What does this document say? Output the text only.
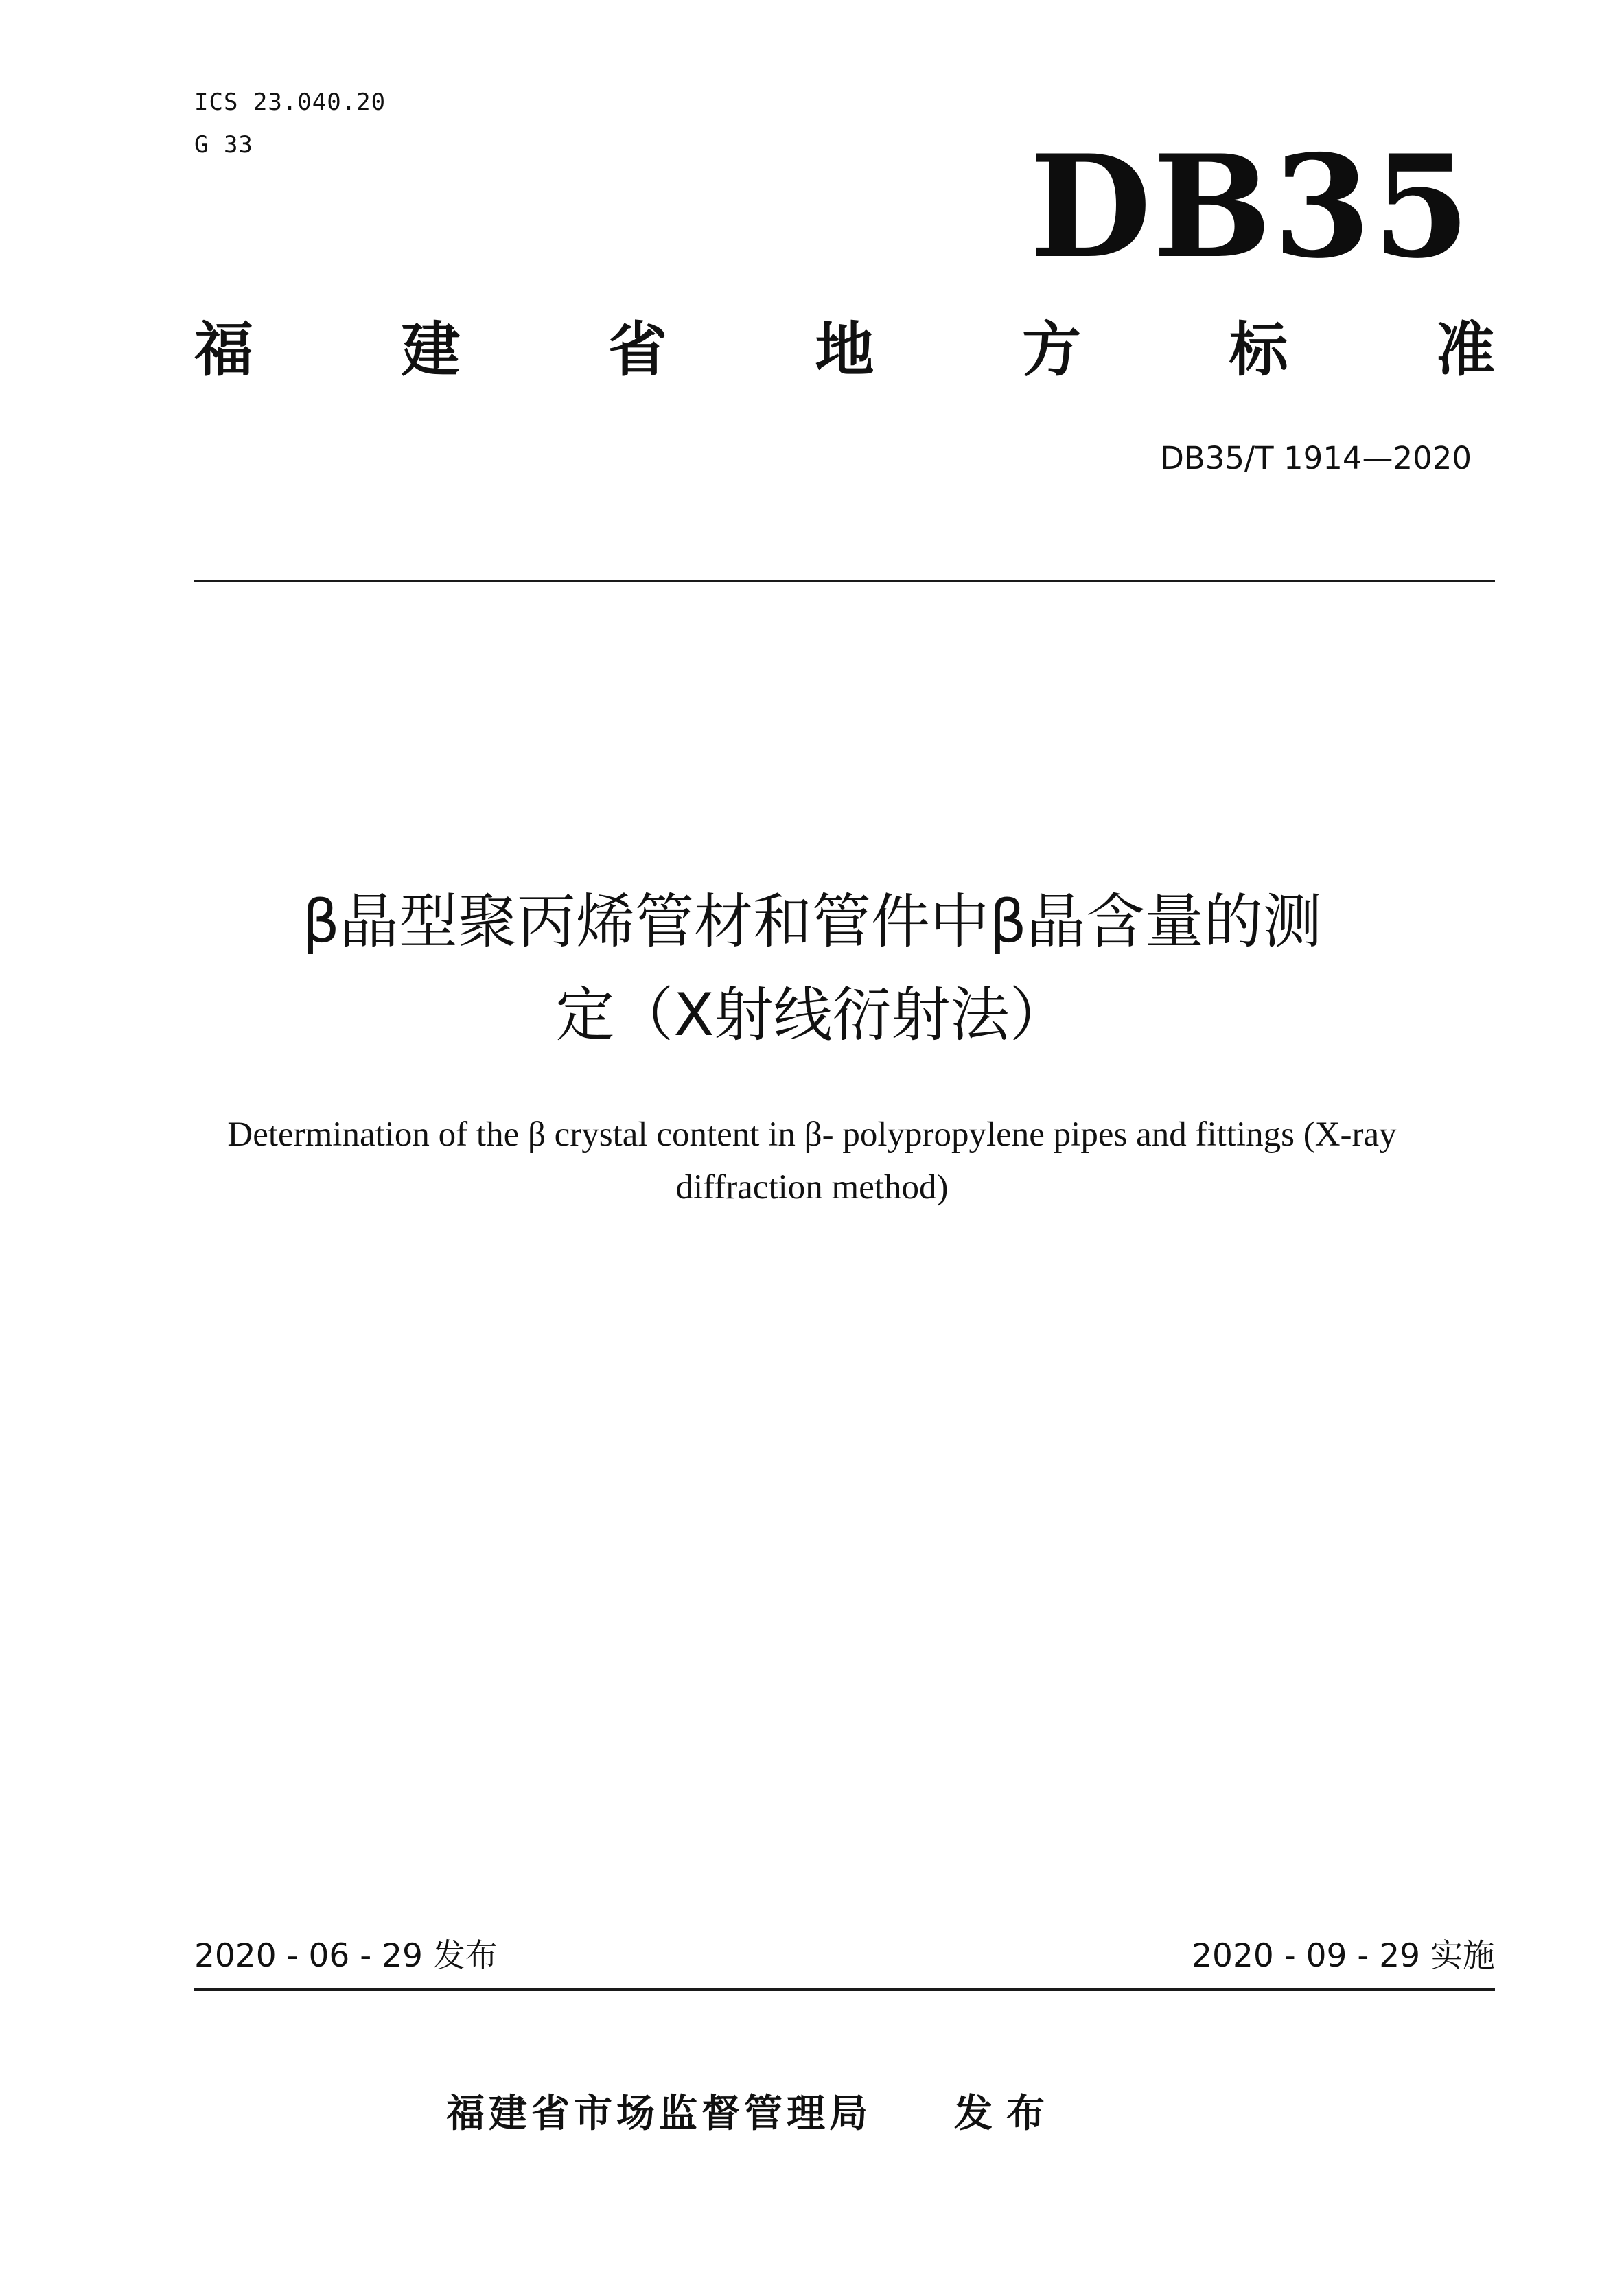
ICS 23.040.20
G 33	DB35
福	建	省	地	方	标	准
DB35/T 1914—2020
β晶型聚丙烯管材和管件中β晶含量的测
定（X射线衍射法）
Determination of the β crystal content in β- polypropylene pipes and fittings (X-ray
diffraction method)
2020 - 06 - 29 发布	2020 - 09 - 29 实施
福建省市场监督管理局 发布
